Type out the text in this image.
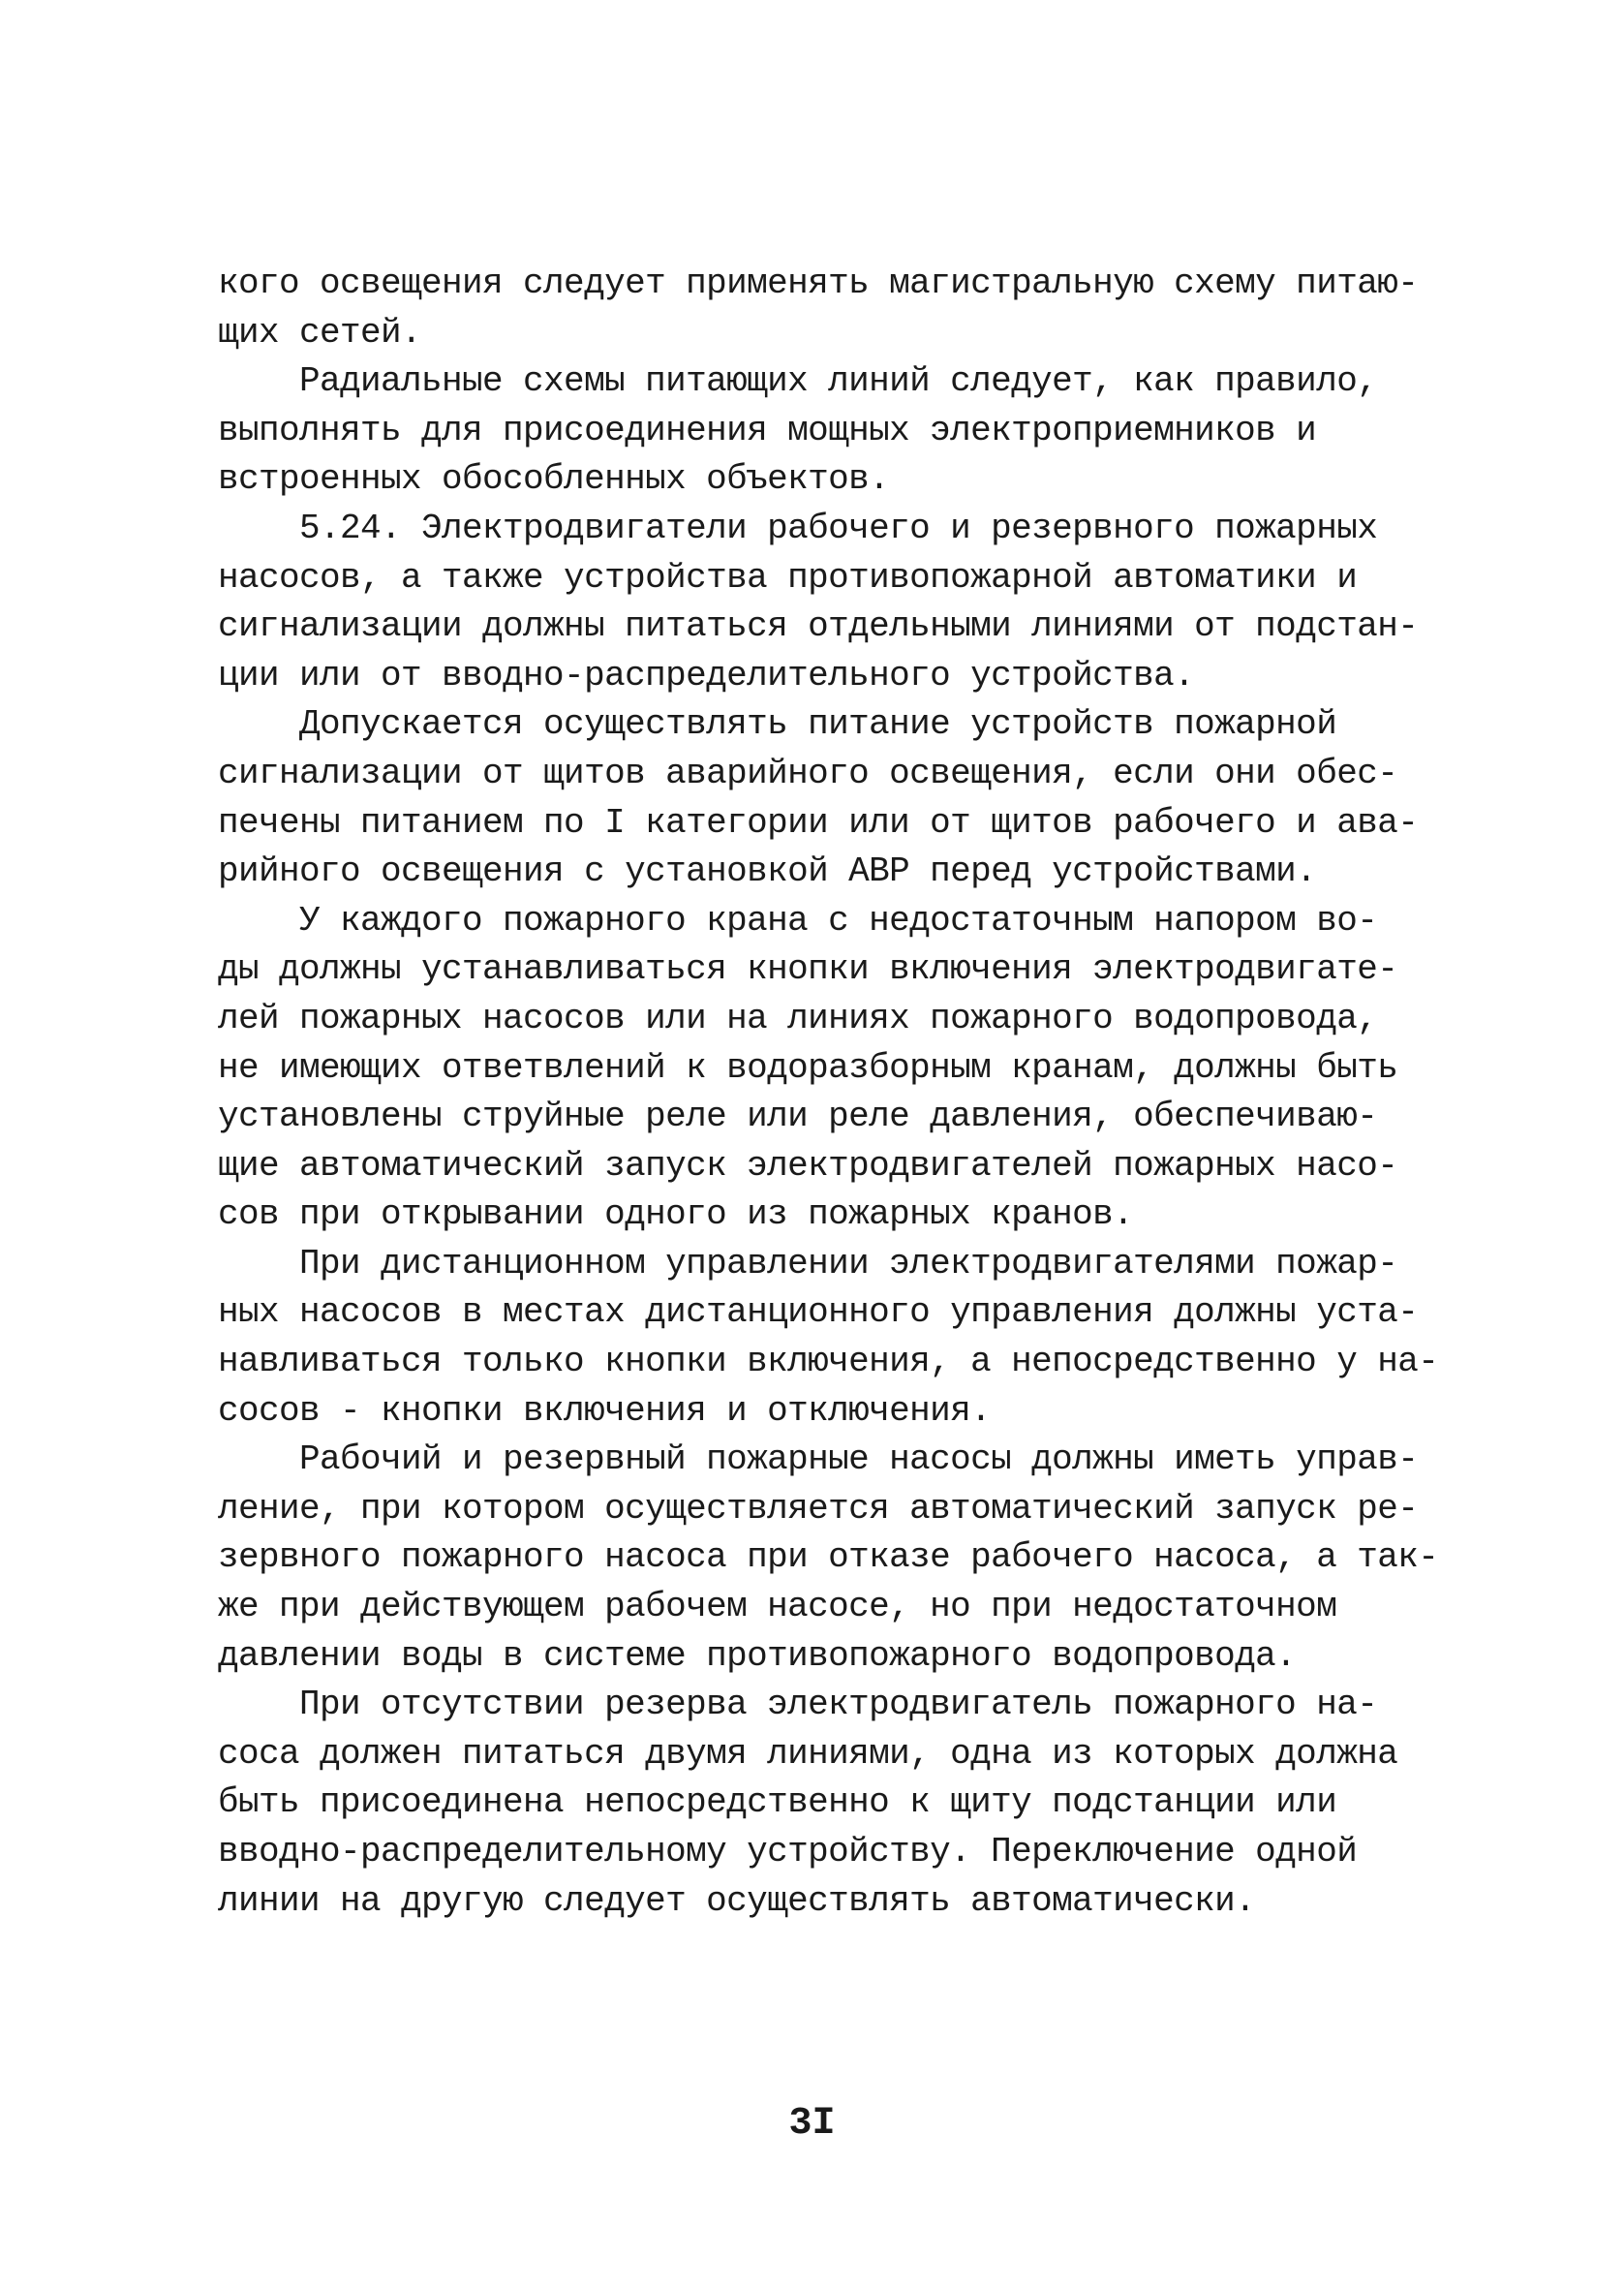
кого освещения следует применять магистральную схему питаю-
щих сетей.
Радиальные схемы питающих линий следует, как правило,
выполнять для присоединения мощных электроприемников и
встроенных обособленных объектов.
5.24. Электродвигатели рабочего и резервного пожарных
насосов, а также устройства противопожарной автоматики и
сигнализации должны питаться отдельными линиями от подстан-
ции или от вводно-распределительного устройства.
Допускается осуществлять питание устройств пожарной
сигнализации от щитов аварийного освещения, если они обес-
печены питанием по I категории или от щитов рабочего и ава-
рийного освещения с установкой АВР перед устройствами.
У каждого пожарного крана с недостаточным напором во-
ды должны устанавливаться кнопки включения электродвигате-
лей пожарных насосов или на линиях пожарного водопровода,
не имеющих ответвлений к водоразборным кранам, должны быть
установлены струйные реле или реле давления, обеспечиваю-
щие автоматический запуск электродвигателей пожарных насо-
сов при открывании одного из пожарных кранов.
При дистанционном управлении электродвигателями пожар-
ных насосов в местах дистанционного управления должны уста-
навливаться только кнопки включения, а непосредственно у на-
сосов - кнопки включения и отключения.
Рабочий и резервный пожарные насосы должны иметь управ-
ление, при котором осуществляется автоматический запуск ре-
зервного пожарного насоса при отказе рабочего насоса, а так-
же при действующем рабочем насосе, но при недостаточном
давлении воды в системе противопожарного водопровода.
При отсутствии резерва электродвигатель пожарного на-
соса должен питаться двумя линиями, одна из которых должна
быть присоединена непосредственно к щиту подстанции или
вводно-распределительному устройству. Переключение одной
линии на другую следует осуществлять автоматически.
3I
